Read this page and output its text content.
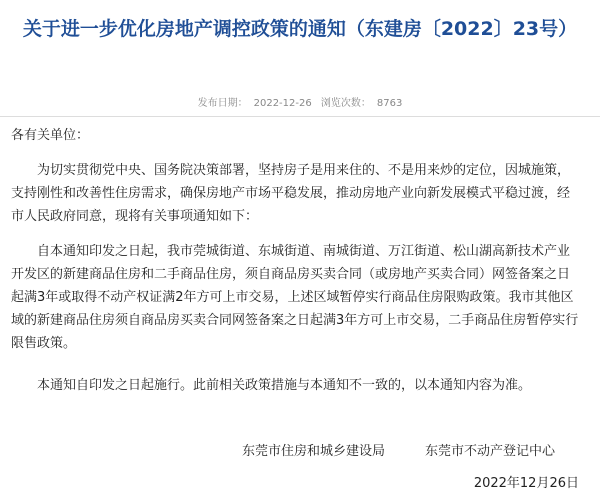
关于进一步优化房地产调控政策的通知（东建房〔2022〕23号）
发布日期： 2022-12-26 浏览次数： 8763
各有关单位：
为切实贯彻党中央、国务院决策部署，坚持房子是用来住的、不是用来炒的定位，因城施策，支持刚性和改善性住房需求，确保房地产市场平稳发展，推动房地产业向新发展模式平稳过渡，经市人民政府同意，现将有关事项通知如下：
自本通知印发之日起，我市莞城街道、东城街道、南城街道、万江街道、松山湖高新技术产业开发区的新建商品住房和二手商品住房，须自商品房买卖合同（或房地产买卖合同）网签备案之日起满3年或取得不动产权证满2年方可上市交易，上述区域暂停实行商品住房限购政策。我市其他区域的新建商品住房须自商品房买卖合同网签备案之日起满3年方可上市交易，二手商品住房暂停实行限售政策。
本通知自印发之日起施行。此前相关政策措施与本通知不一致的，以本通知内容为准。
东莞市住房和城乡建设局	东莞市不动产登记中心
2022年12月26日
